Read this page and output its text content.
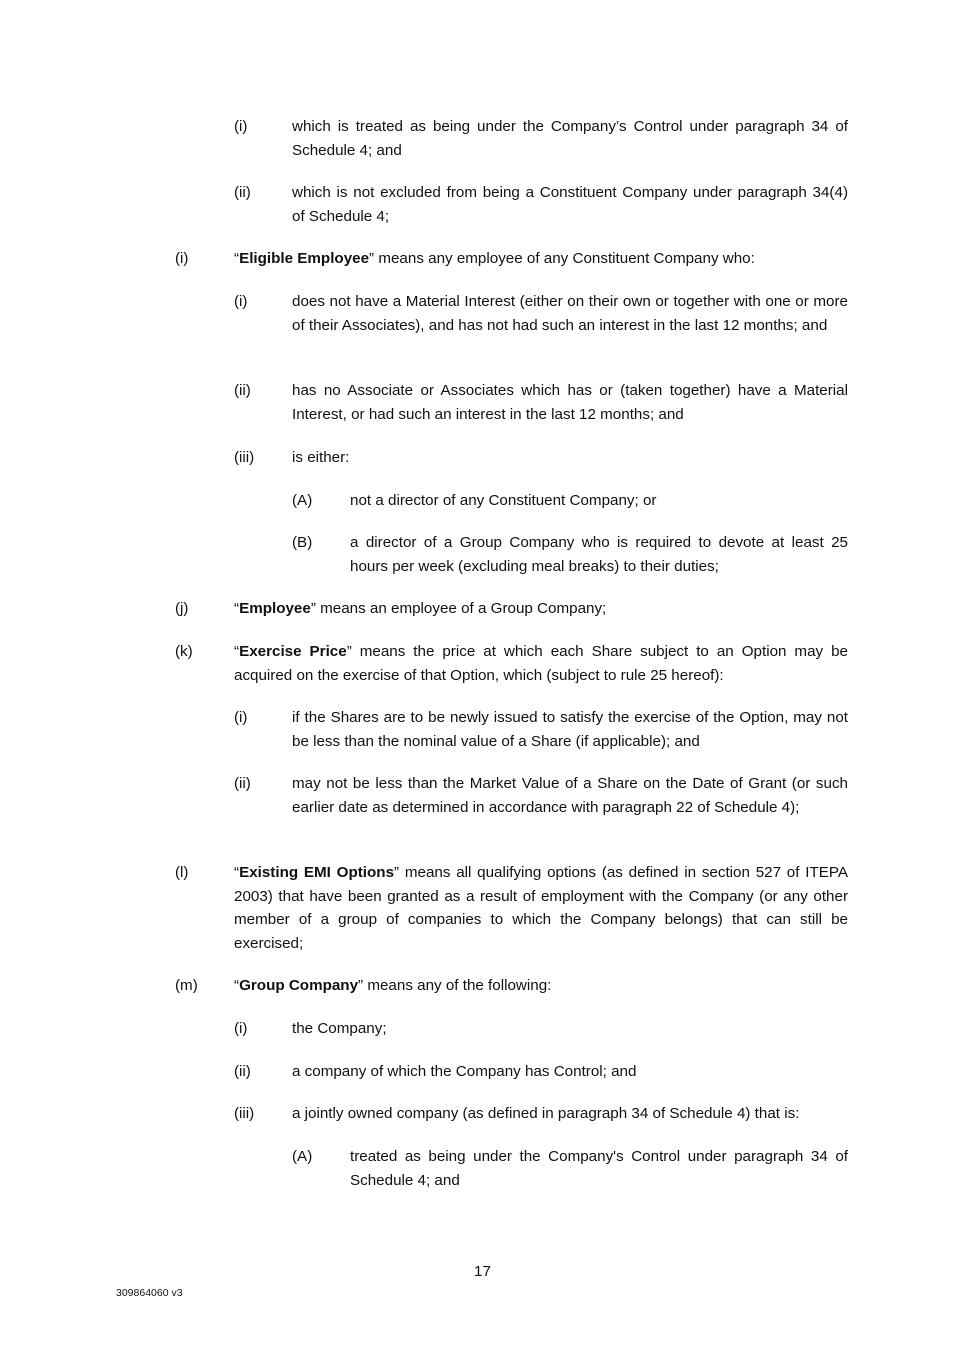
(i)	which is treated as being under the Company’s Control under paragraph 34 of Schedule 4; and
(ii)	which is not excluded from being a Constituent Company under paragraph 34(4) of Schedule 4;
(i)	“Eligible Employee” means any employee of any Constituent Company who:
(i)	does not have a Material Interest (either on their own or together with one or more of their Associates), and has not had such an interest in the last 12 months; and
(ii)	has no Associate or Associates which has or (taken together) have a Material Interest, or had such an interest in the last 12 months; and
(iii) is either:
(A) not a director of any Constituent Company; or
(B) a director of a Group Company who is required to devote at least 25 hours per week (excluding meal breaks) to their duties;
(j)	“Employee” means an employee of a Group Company;
(k)	“Exercise Price” means the price at which each Share subject to an Option may be acquired on the exercise of that Option, which (subject to rule 25 hereof):
(i)	if the Shares are to be newly issued to satisfy the exercise of the Option, may not be less than the nominal value of a Share (if applicable); and
(ii)	may not be less than the Market Value of a Share on the Date of Grant (or such earlier date as determined in accordance with paragraph 22 of Schedule 4);
(l)	“Existing EMI Options” means all qualifying options (as defined in section 527 of ITEPA 2003) that have been granted as a result of employment with the Company (or any other member of a group of companies to which the Company belongs) that can still be exercised;
(m) “Group Company” means any of the following:
(i)	the Company;
(ii)	a company of which the Company has Control; and
(iii) a jointly owned company (as defined in paragraph 34 of Schedule 4) that is:
(A) treated as being under the Company's Control under paragraph 34 of Schedule 4; and
17
309864060 v3
